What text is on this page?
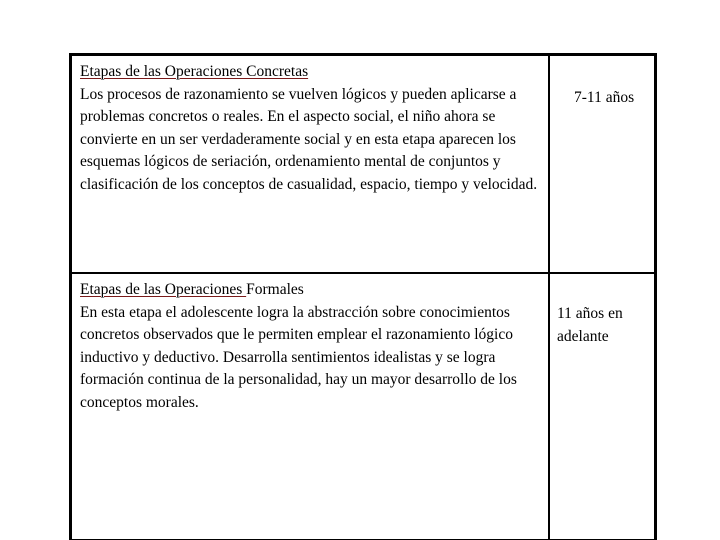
Etapas de las Operaciones Concretas
Los procesos de razonamiento se vuelven lógicos y pueden aplicarse a problemas concretos o reales. En el aspecto social, el niño ahora se convierte en un ser verdaderamente social y en esta etapa aparecen los esquemas lógicos de seriación, ordenamiento mental de conjuntos y clasificación de los conceptos de casualidad, espacio, tiempo y velocidad.	7-11 años

Etapas de las Operaciones Formales
En esta etapa el adolescente logra la abstracción sobre conocimientos concretos observados que le permiten emplear el razonamiento lógico inductivo y deductivo. Desarrolla sentimientos idealistas y se logra formación continua de la personalidad, hay un mayor desarrollo de los conceptos morales.	11 años en
adelante
